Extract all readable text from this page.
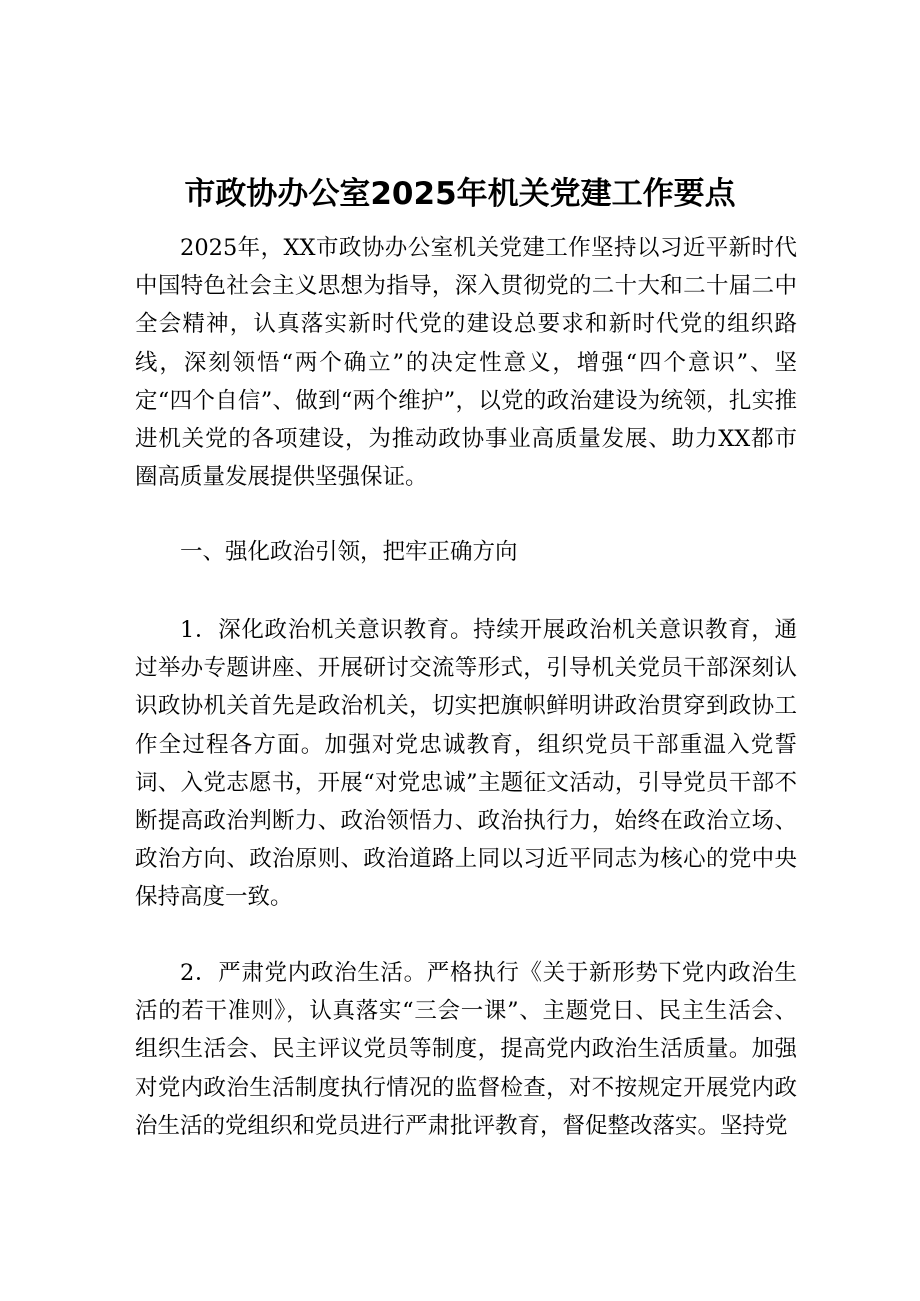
市政协办公室2025年机关党建工作要点

2025年，XX市政协办公室机关党建工作坚持以习近平新时代中国特色社会主义思想为指导，深入贯彻党的二十大和二十届二中全会精神，认真落实新时代党的建设总要求和新时代党的组织路线，深刻领悟“两个确立”的决定性意义，增强“四个意识”、坚定“四个自信”、做到“两个维护”，以党的政治建设为统领，扎实推进机关党的各项建设，为推动政协事业高质量发展、助力XX都市圈高质量发展提供坚强保证。

一、强化政治引领，把牢正确方向

1．深化政治机关意识教育。持续开展政治机关意识教育，通过举办专题讲座、开展研讨交流等形式，引导机关党员干部深刻认识政协机关首先是政治机关，切实把旗帜鲜明讲政治贯穿到政协工作全过程各方面。加强对党忠诚教育，组织党员干部重温入党誓词、入党志愿书，开展“对党忠诚”主题征文活动，引导党员干部不断提高政治判断力、政治领悟力、政治执行力，始终在政治立场、政治方向、政治原则、政治道路上同以习近平同志为核心的党中央保持高度一致。

2．严肃党内政治生活。严格执行《关于新形势下党内政治生活的若干准则》，认真落实“三会一课”、主题党日、民主生活会、组织生活会、民主评议党员等制度，提高党内政治生活质量。加强对党内政治生活制度执行情况的监督检查，对不按规定开展党内政治生活的党组织和党员进行严肃批评教育，督促整改落实。坚持党
